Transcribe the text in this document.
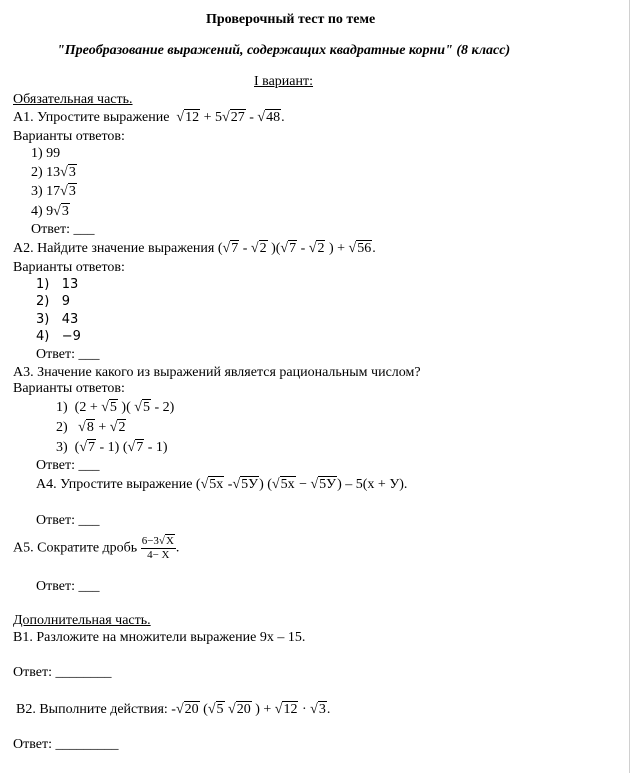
Проверочный тест по теме
"Преобразование выражений, содержащих квадратные корни" (8 класс)
I вариант:
Обязательная часть.
А1. Упростите выражение √ 12 + 5 √ 27 - √ 48.
Варианты ответов:
1) 99
2) 13 √ 3
3) 17 √ 3
4) 9 √ 3
Ответ: ___
А2. Найдите значение выражения ( √ 7 - √ 2 )( √ 7 - √ 2 ) + √ 56.
Варианты ответов:
1)   13
2)   9
3)   43
4)   −9
Ответ: ___
А3. Значение какого из выражений является рациональным числом?
Варианты ответов:
1)  (2 + √ 5 )( √ 5 - 2)
2)   √ 8 + √ 2
3)  ( √ 7 - 1) ( √ 7 - 1)
Ответ: ___
А4. Упростите выражение ( √ 5х - √ 5У) ( √ 5х − √ 5У) – 5(х + У).
Ответ: ___
А5. Сократите дробь $\frac{6-3 √ Х}{4- Х}$ .
Ответ: ___
Дополнительная часть.
В1. Разложите на множители выражение 9х – 15.
Ответ: ________
В2. Выполните действия: - √ 20 ( √ 5 √ 20 ) + √ 12 · √ 3.
Ответ: _________
